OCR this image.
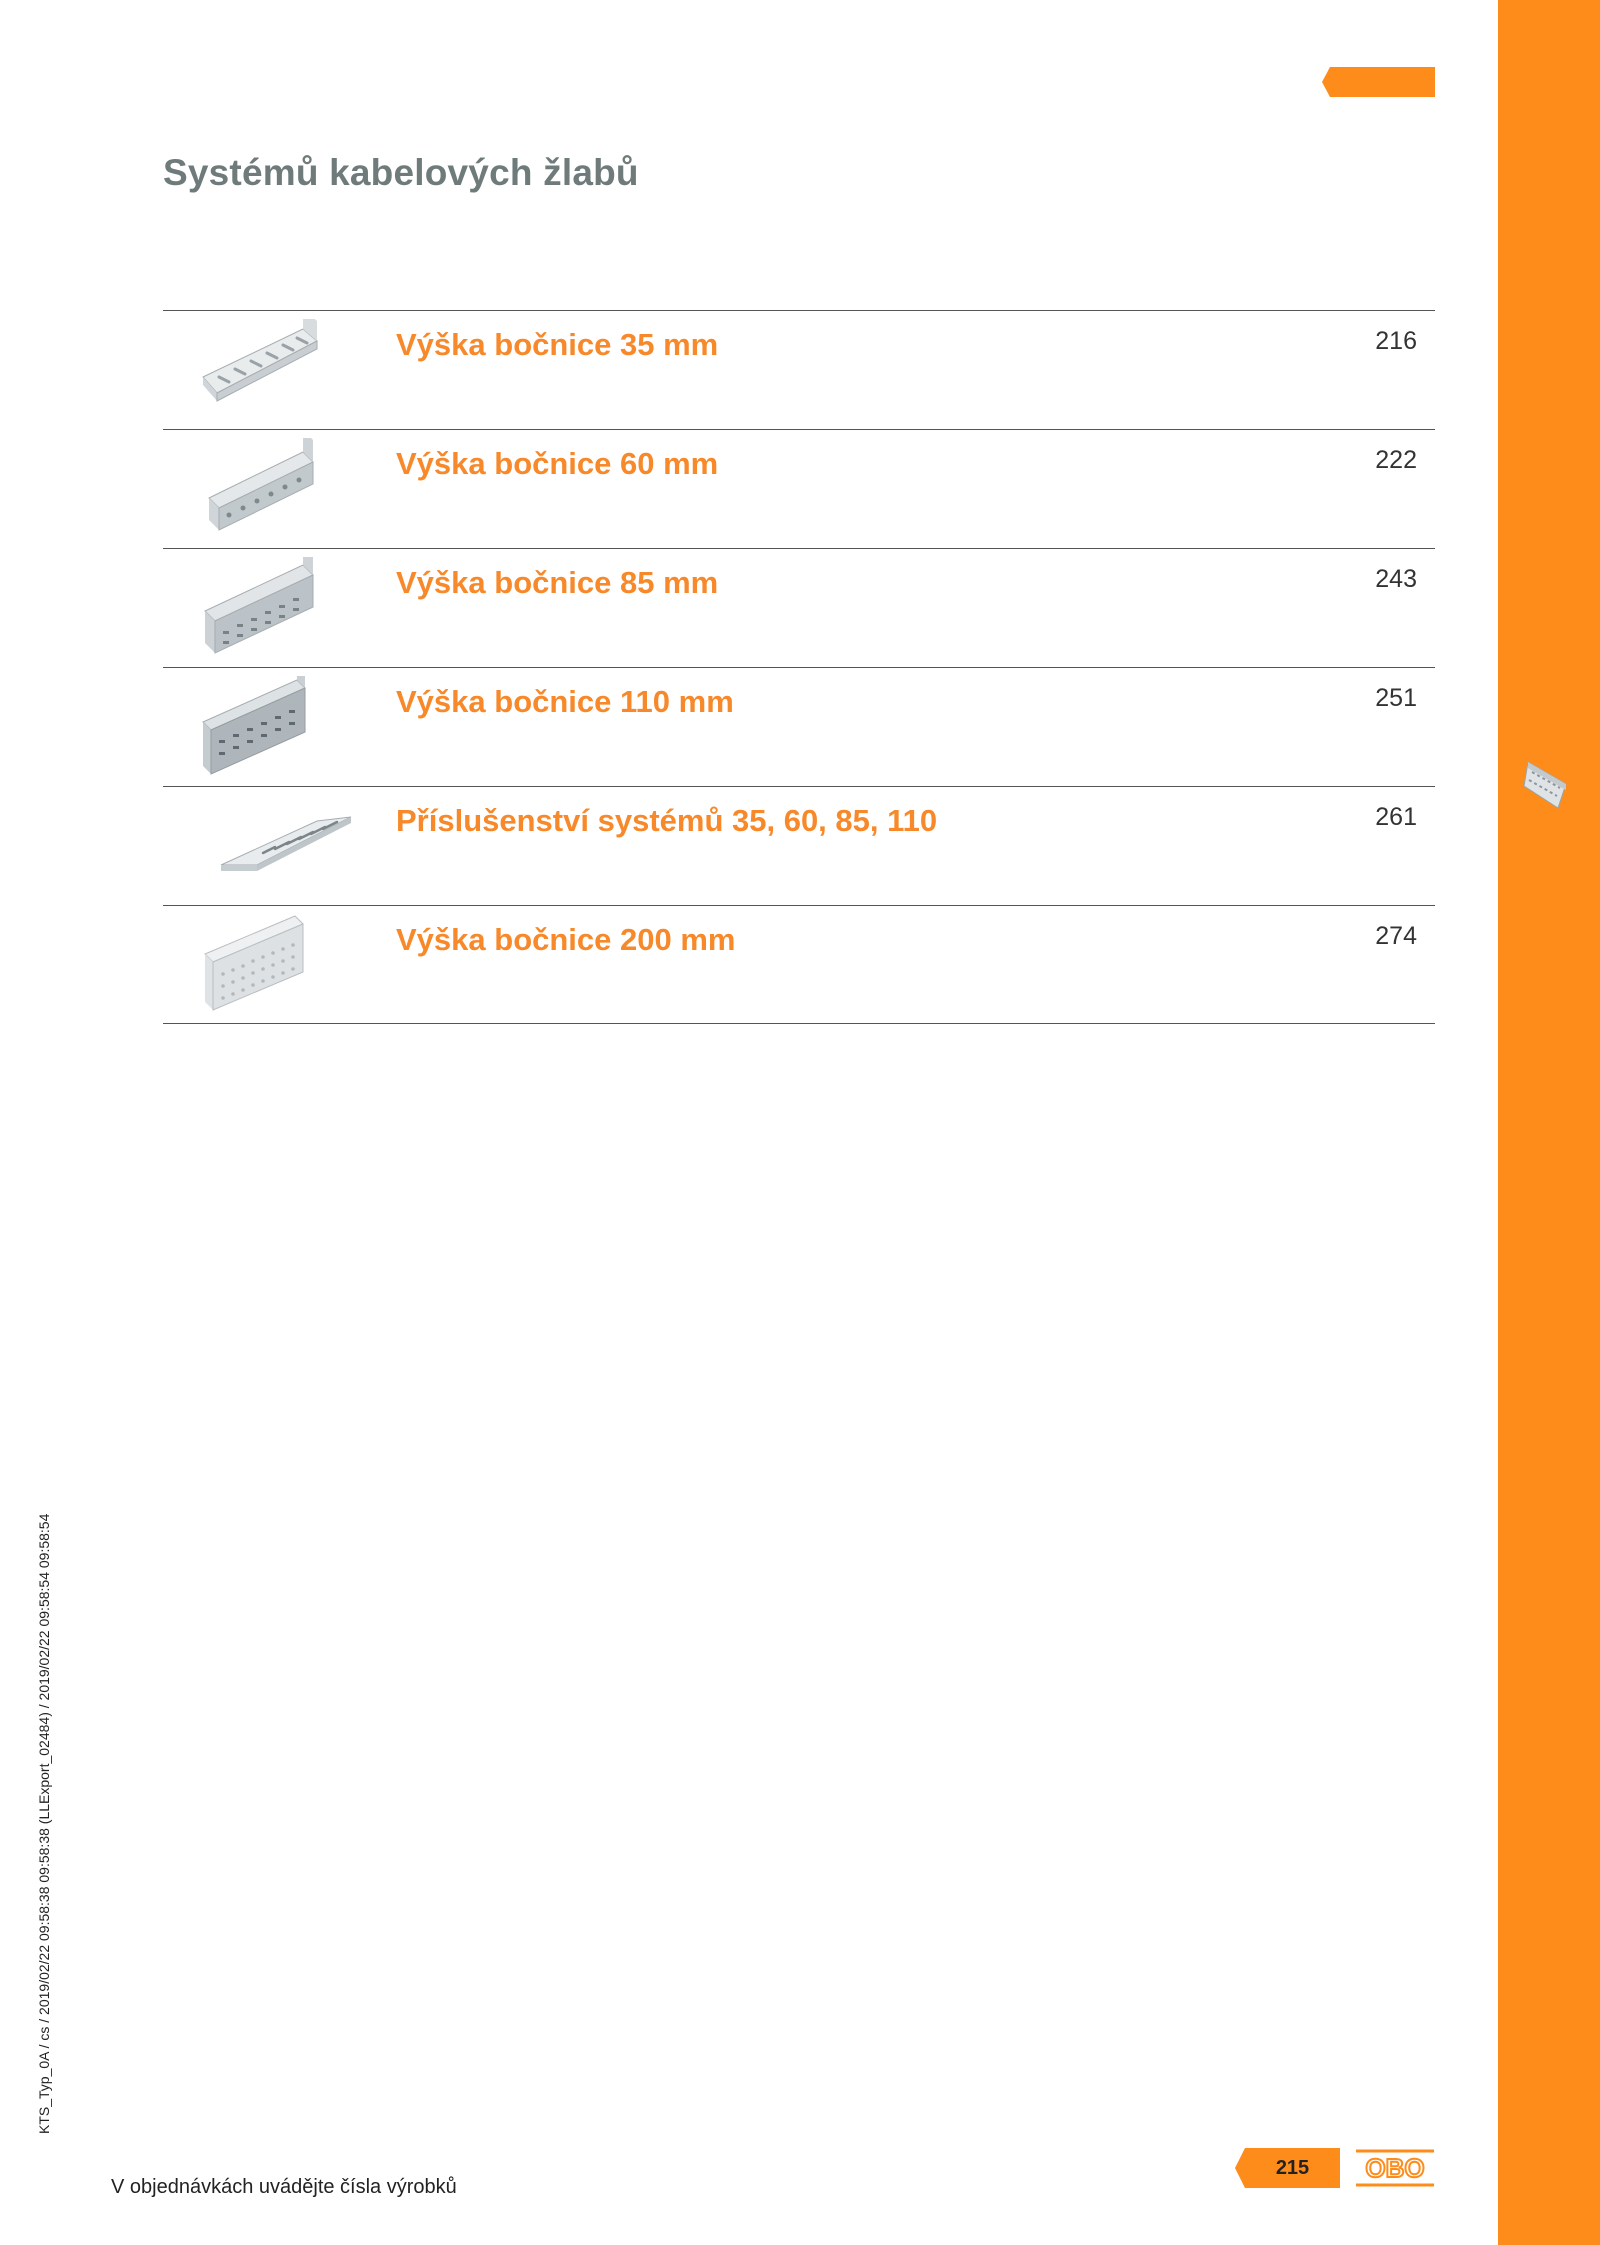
Systémů kabelových žlabů
Výška bočnice 35 mm	216
Výška bočnice 60 mm	222
Výška bočnice 85 mm	243
Výška bočnice 110 mm	251
Příslušenství systémů 35, 60, 85, 110	261
Výška bočnice 200 mm	274
KTS_Typ_0A / cs / 2019/02/22 09:58:38 09:58:38 (LLExport_02484) / 2019/02/22 09:58:54 09:58:54
V objednávkách uvádějte čísla výrobků
215	OBO
